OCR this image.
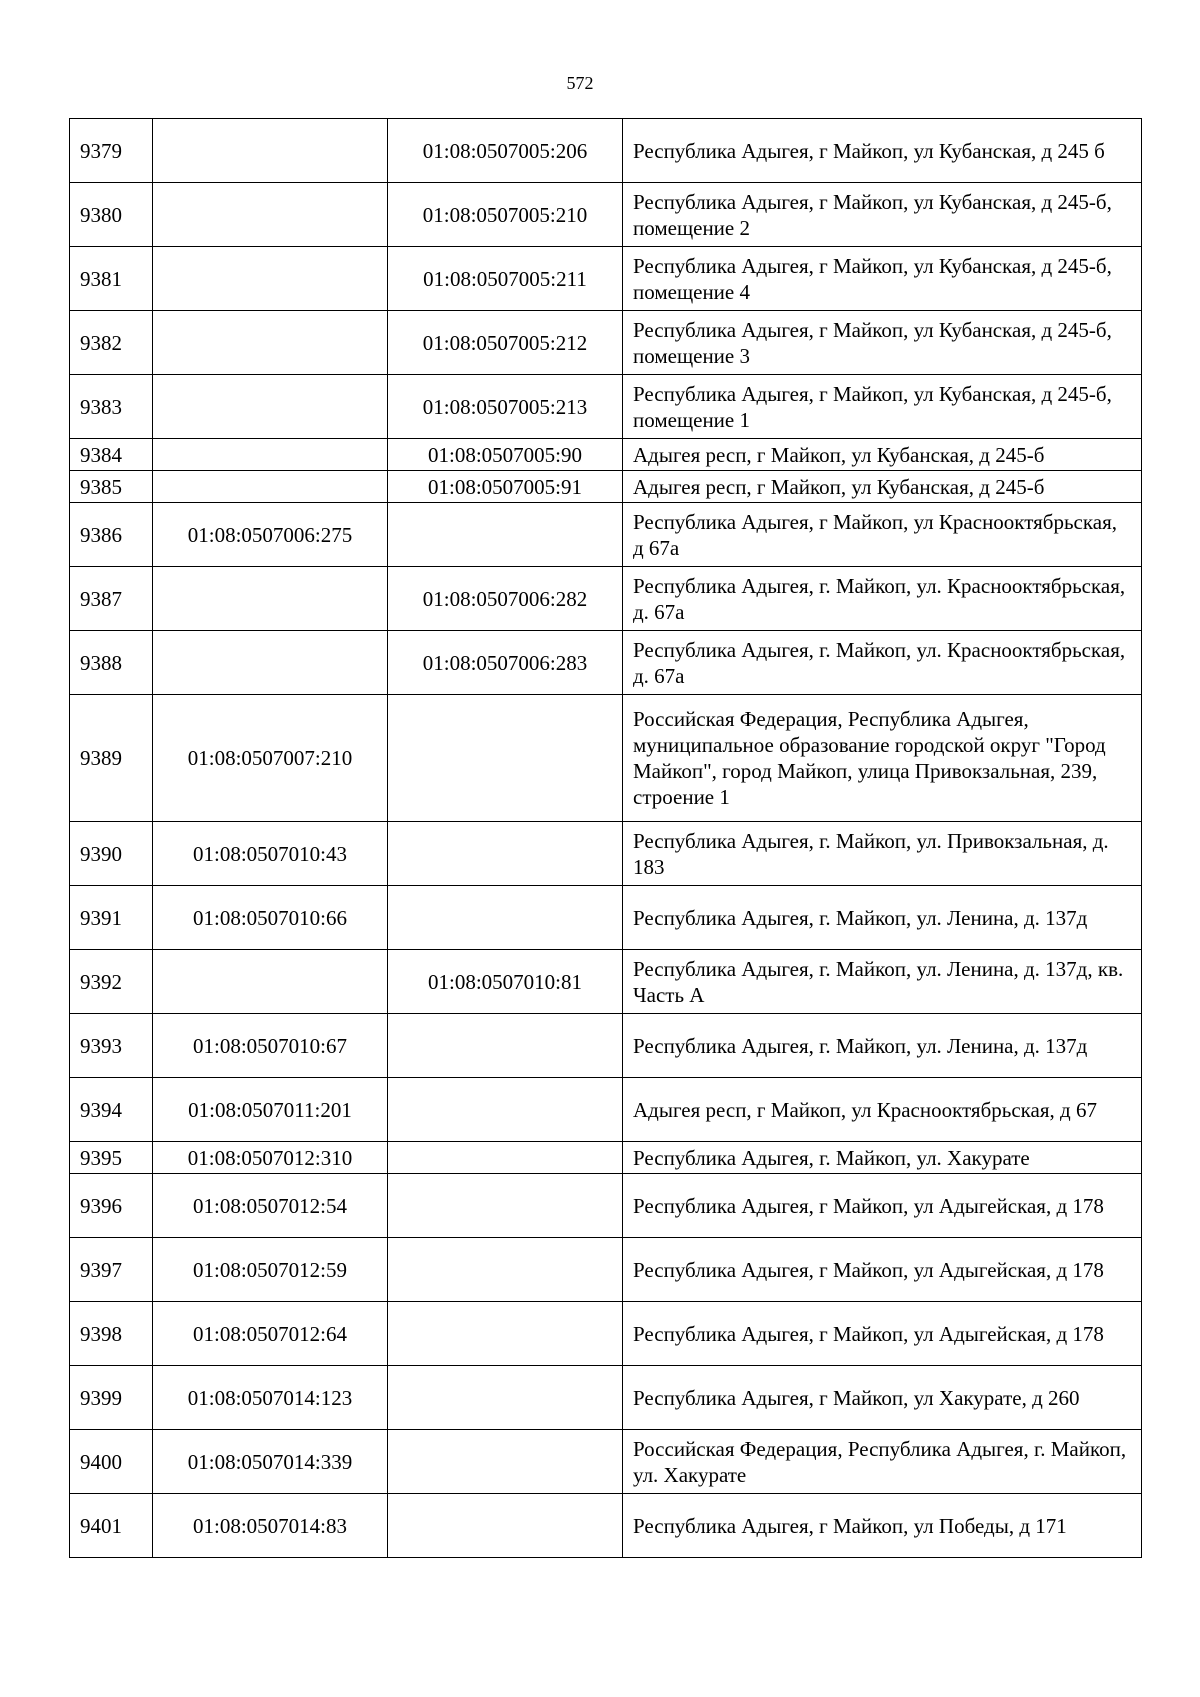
572
9379		01:08:0507005:206	Республика Адыгея, г Майкоп, ул Кубанская, д 245 б
9380		01:08:0507005:210	Республика Адыгея, г Майкоп, ул Кубанская, д 245-б, помещение 2
9381		01:08:0507005:211	Республика Адыгея, г Майкоп, ул Кубанская, д 245-б, помещение 4
9382		01:08:0507005:212	Республика Адыгея, г Майкоп, ул Кубанская, д 245-б, помещение 3
9383		01:08:0507005:213	Республика Адыгея, г Майкоп, ул Кубанская, д 245-б, помещение 1
9384		01:08:0507005:90	Адыгея респ, г Майкоп, ул Кубанская, д 245-б
9385		01:08:0507005:91	Адыгея респ, г Майкоп, ул Кубанская, д 245-б
9386	01:08:0507006:275		Республика Адыгея, г Майкоп, ул Краснооктябрьская, д 67а
9387		01:08:0507006:282	Республика Адыгея, г. Майкоп, ул. Краснооктябрьская, д. 67а
9388		01:08:0507006:283	Республика Адыгея, г. Майкоп, ул. Краснооктябрьская, д. 67а
9389	01:08:0507007:210		Российская Федерация, Республика Адыгея, муниципальное образование городской округ "Город Майкоп", город Майкоп, улица Привокзальная, 239, строение 1
9390	01:08:0507010:43		Республика Адыгея, г. Майкоп, ул. Привокзальная, д. 183
9391	01:08:0507010:66		Республика Адыгея, г. Майкоп, ул. Ленина, д. 137д
9392		01:08:0507010:81	Республика Адыгея, г. Майкоп, ул. Ленина, д. 137д, кв. Часть А
9393	01:08:0507010:67		Республика Адыгея, г. Майкоп, ул. Ленина, д. 137д
9394	01:08:0507011:201		Адыгея респ, г Майкоп, ул Краснооктябрьская, д 67
9395	01:08:0507012:310		Республика Адыгея, г. Майкоп, ул. Хакурате
9396	01:08:0507012:54		Республика Адыгея, г Майкоп, ул Адыгейская, д 178
9397	01:08:0507012:59		Республика Адыгея, г Майкоп, ул Адыгейская, д 178
9398	01:08:0507012:64		Республика Адыгея, г Майкоп, ул Адыгейская, д 178
9399	01:08:0507014:123		Республика Адыгея, г Майкоп, ул Хакурате, д 260
9400	01:08:0507014:339		Российская Федерация, Республика Адыгея, г. Майкоп, ул. Хакурате
9401	01:08:0507014:83		Республика Адыгея, г Майкоп, ул Победы, д 171
